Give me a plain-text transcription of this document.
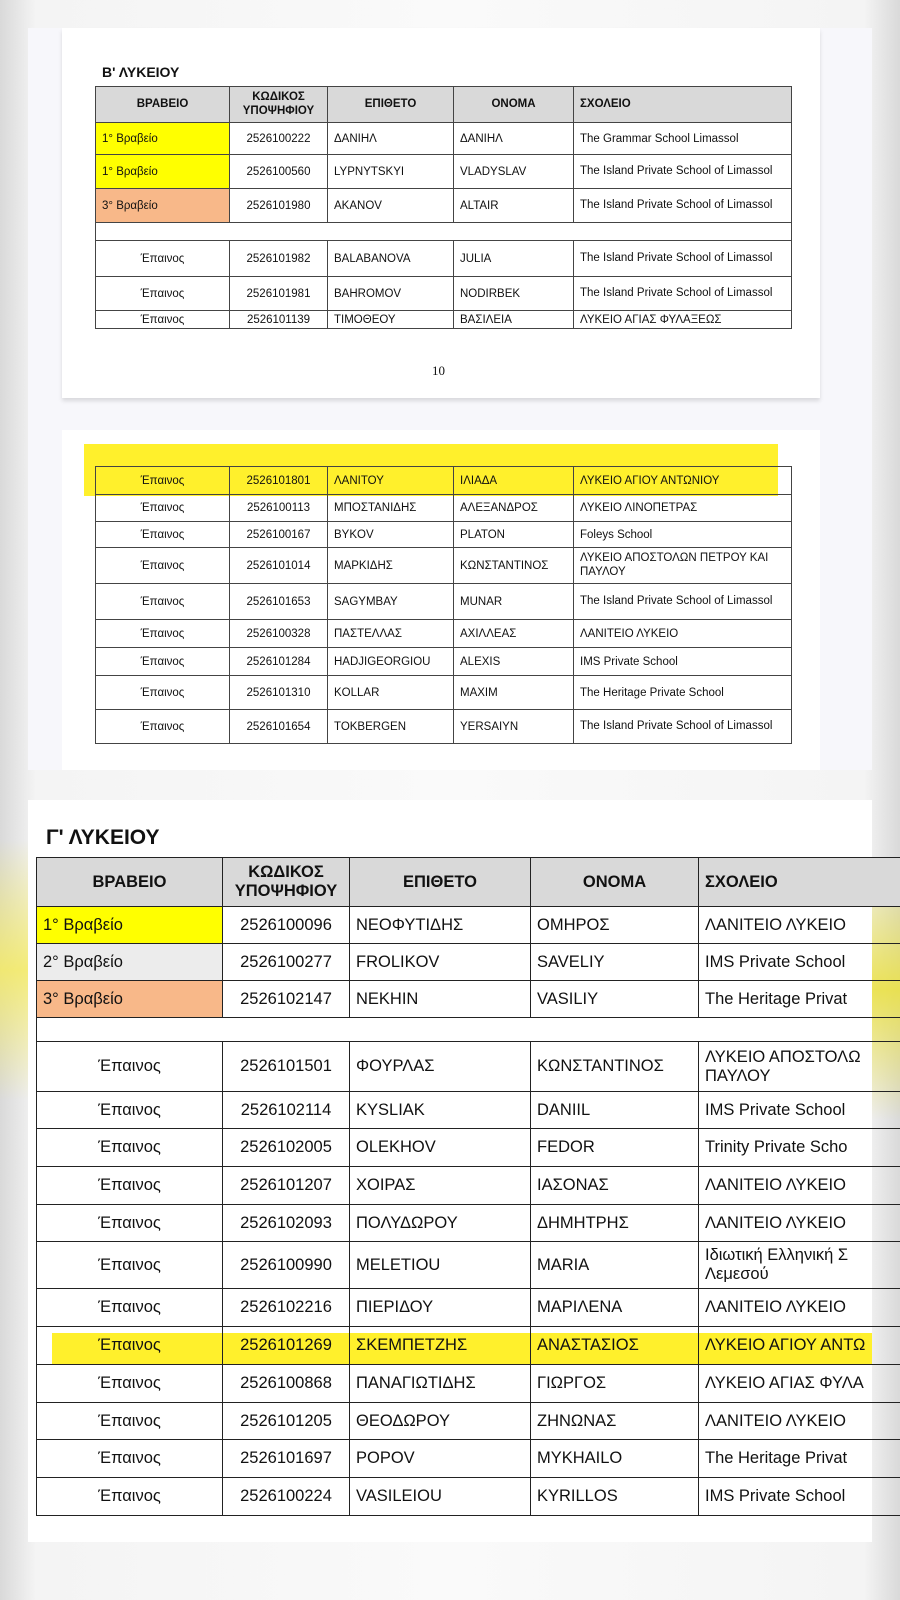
Β' ΛΥΚΕΙΟΥ
ΒΡΑΒΕΙΟ	ΚΩΔΙΚΟΣ ΥΠΟΨΗΦΙΟΥ	ΕΠΙΘΕΤΟ	ΟΝΟΜΑ	ΣΧΟΛΕΙΟ
1° Βραβείο	2526100222	ΔΑΝΙΗΛ	ΔΑΝΙΗΛ	The Grammar School Limassol
1° Βραβείο	2526100560	LYPNYTSKYI	VLADYSLAV	The Island Private School of Limassol
3° Βραβείο	2526101980	AKANOV	ALTAIR	The Island Private School of Limassol

Έπαινος	2526101982	BALABANOVA	JULIA	The Island Private School of Limassol
Έπαινος	2526101981	BAHROMOV	NODIRBEK	The Island Private School of Limassol
Έπαινος	2526101139	ΤΙΜΟΘΕΟΥ	ΒΑΣΙΛΕΙΑ	ΛΥΚΕΙΟ ΑΓΙΑΣ ΦΥΛΑΞΕΩΣ
10
Έπαινος	2526101801	ΛΑΝΙΤΟΥ	ΙΛΙΑΔΑ	ΛΥΚΕΙΟ ΑΓΙΟΥ ΑΝΤΩΝΙΟΥ
Έπαινος	2526100113	ΜΠΟΣΤΑΝΙΔΗΣ	ΑΛΕΞΑΝΔΡΟΣ	ΛΥΚΕΙΟ ΛΙΝΟΠΕΤΡΑΣ
Έπαινος	2526100167	BYKOV	PLATON	Foleys School
Έπαινος	2526101014	ΜΑΡΚΙΔΗΣ	ΚΩΝΣΤΑΝΤΙΝΟΣ	ΛΥΚΕΙΟ ΑΠΟΣΤΟΛΩΝ ΠΕΤΡΟΥ ΚΑΙ ΠΑΥΛΟΥ
Έπαινος	2526101653	SAGYMBAY	MUNAR	The Island Private School of Limassol
Έπαινος	2526100328	ΠΑΣΤΕΛΛΑΣ	ΑΧΙΛΛΕΑΣ	ΛΑΝΙΤΕΙΟ ΛΥΚΕΙΟ
Έπαινος	2526101284	HADJIGEORGIOU	ALEXIS	IMS Private School
Έπαινος	2526101310	KOLLAR	MAXIM	The Heritage Private School
Έπαινος	2526101654	TOKBERGEN	YERSAIYN	The Island Private School of Limassol
Γ' ΛΥΚΕΙΟΥ
ΒΡΑΒΕΙΟ	ΚΩΔΙΚΟΣ ΥΠΟΨΗΦΙΟΥ	ΕΠΙΘΕΤΟ	ΟΝΟΜΑ	ΣΧΟΛΕΙΟ
1° Βραβείο	2526100096	ΝΕΟΦΥΤΙΔΗΣ	ΟΜΗΡΟΣ	ΛΑΝΙΤΕΙΟ ΛΥΚΕΙΟ
2° Βραβείο	2526100277	FROLIKOV	SAVELIY	IMS Private School
3° Βραβείο	2526102147	NEKHIN	VASILIY	The Heritage Privat

Έπαινος	2526101501	ΦΟΥΡΛΑΣ	ΚΩΝΣΤΑΝΤΙΝΟΣ	ΛΥΚΕΙΟ ΑΠΟΣΤΟΛΩ ΠΑΥΛΟΥ
Έπαινος	2526102114	KYSLIAK	DANIIL	IMS Private School
Έπαινος	2526102005	OLEKHOV	FEDOR	Trinity Private Scho
Έπαινος	2526101207	ΧΟΙΡΑΣ	ΙΑΣΟΝΑΣ	ΛΑΝΙΤΕΙΟ ΛΥΚΕΙΟ
Έπαινος	2526102093	ΠΟΛΥΔΩΡΟΥ	ΔΗΜΗΤΡΗΣ	ΛΑΝΙΤΕΙΟ ΛΥΚΕΙΟ
Έπαινος	2526100990	MELETIOU	MARIA	Ιδιωτική Ελληνική Σ Λεμεσού
Έπαινος	2526102216	ΠΙΕΡΙΔΟΥ	ΜΑΡΙΛΕΝΑ	ΛΑΝΙΤΕΙΟ ΛΥΚΕΙΟ
Έπαινος	2526101269	ΣΚΕΜΠΕΤΖΗΣ	ΑΝΑΣΤΑΣΙΟΣ	ΛΥΚΕΙΟ ΑΓΙΟΥ ΑΝΤΩ
Έπαινος	2526100868	ΠΑΝΑΓΙΩΤΙΔΗΣ	ΓΙΩΡΓΟΣ	ΛΥΚΕΙΟ ΑΓΙΑΣ ΦΥΛΑ
Έπαινος	2526101205	ΘΕΟΔΩΡΟΥ	ΖΗΝΩΝΑΣ	ΛΑΝΙΤΕΙΟ ΛΥΚΕΙΟ
Έπαινος	2526101697	POPOV	MYKHAILO	The Heritage Privat
Έπαινος	2526100224	VASILEIOU	KYRILLOS	IMS Private School
